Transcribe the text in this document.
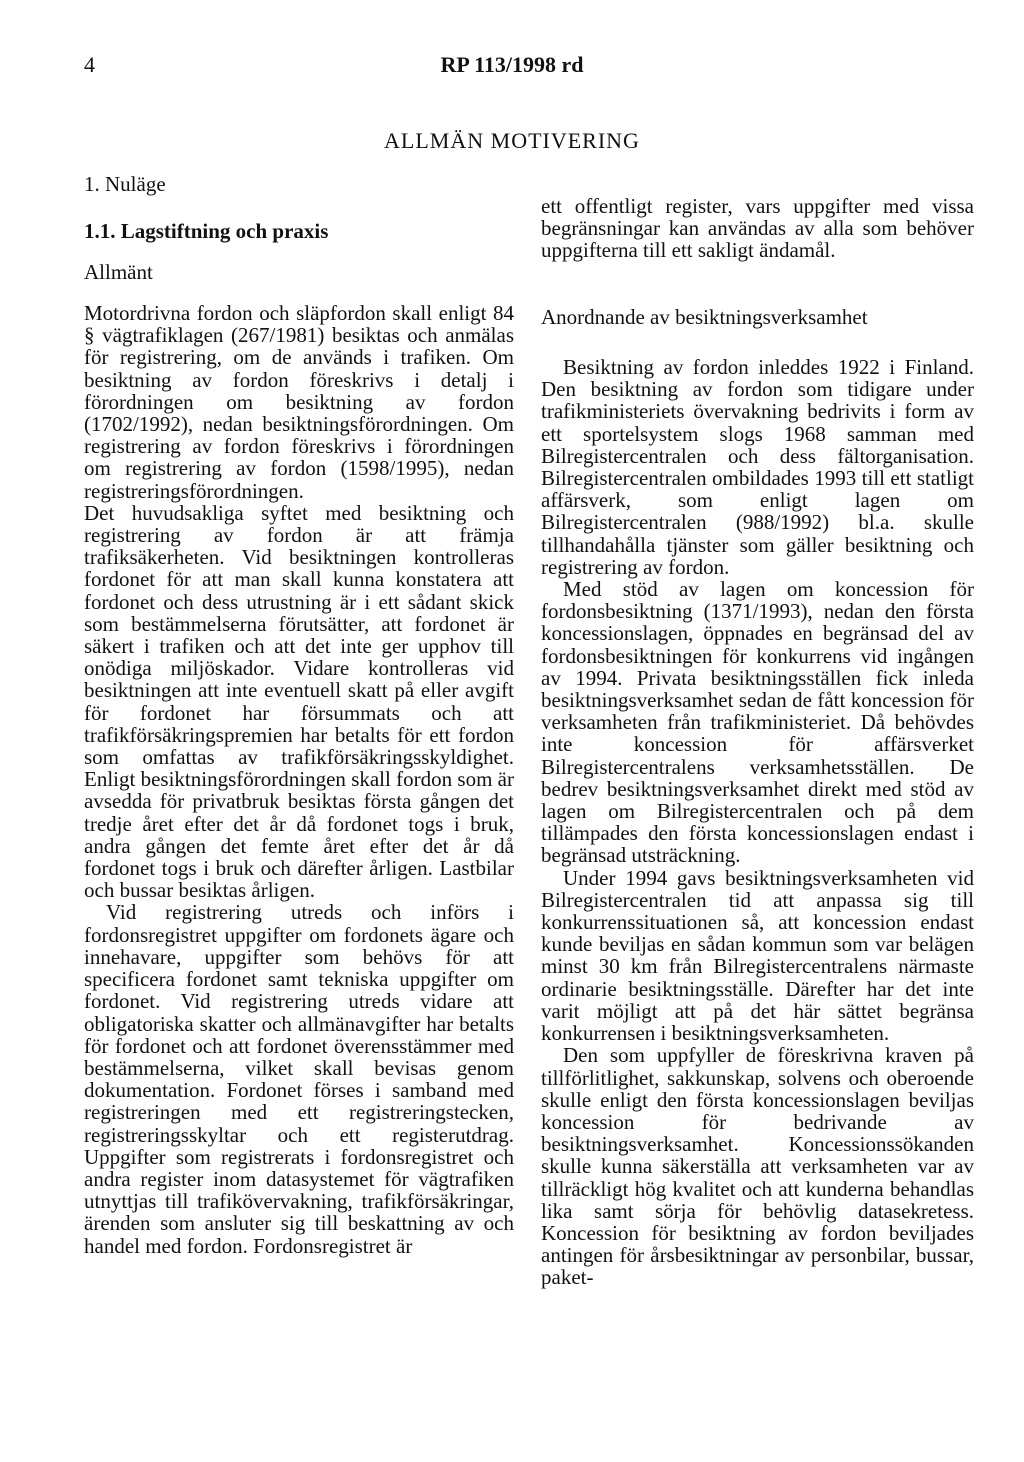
4	RP 113/1998 rd
ALLMÄN MOTIVERING
1. Nuläge
1.1. Lagstiftning och praxis
Allmänt

Motordrivna fordon och släpfordon skall enligt 84 § vägtrafiklagen (267/1981) besiktas och anmälas för registrering, om de används i trafiken. Om besiktning av fordon föreskrivs i detalj i förordningen om besiktning av fordon (1702/1992), nedan besiktningsförordningen. Om registrering av fordon föreskrivs i förordningen om registrering av fordon (1598/1995), nedan registreringsförordningen.

Det huvudsakliga syftet med besiktning och registrering av fordon är att främja trafiksäkerheten. Vid besiktningen kontrolleras fordonet för att man skall kunna konstatera att fordonet och dess utrustning är i ett sådant skick som bestämmelserna förutsätter, att fordonet är säkert i trafiken och att det inte ger upphov till onödiga miljöskador. Vidare kontrolleras vid besiktningen att inte eventuell skatt på eller avgift för fordonet har försummats och att trafikförsäkringspremien har betalts för ett fordon som omfattas av trafikförsäkringsskyldighet. Enligt besiktningsförordningen skall fordon som är avsedda för privatbruk besiktas första gången det tredje året efter det år då fordonet togs i bruk, andra gången det femte året efter det år då fordonet togs i bruk och därefter årligen. Lastbilar och bussar besiktas årligen.

Vid registrering utreds och införs i fordonsregistret uppgifter om fordonets ägare och innehavare, uppgifter som behövs för att specificera fordonet samt tekniska uppgifter om fordonet. Vid registrering utreds vidare att obligatoriska skatter och allmänavgifter har betalts för fordonet och att fordonet överensstämmer med bestämmelserna, vilket skall bevisas genom dokumentation. Fordonet förses i samband med registreringen med ett registreringstecken, registreringsskyltar och ett registerutdrag. Uppgifter som registrerats i fordonsregistret och andra register inom datasystemet för vägtrafiken utnyttjas till trafikövervakning, trafikförsäkringar, ärenden som ansluter sig till beskattning av och handel med fordon. Fordonsregistret är

ett offentligt register, vars uppgifter med vissa begränsningar kan användas av alla som behöver uppgifterna till ett sakligt ändamål.

Anordnande av besiktningsverksamhet

Besiktning av fordon inleddes 1922 i Finland. Den besiktning av fordon som tidigare under trafikministeriets övervakning bedrivits i form av ett sportelsystem slogs 1968 samman med Bilregistercentralen och dess fältorganisation. Bilregistercentralen ombildades 1993 till ett statligt affärsverk, som enligt lagen om Bilregistercentralen (988/1992) bl.a. skulle tillhandahålla tjänster som gäller besiktning och registrering av fordon.

Med stöd av lagen om koncession för fordonsbesiktning (1371/1993), nedan den första koncessionslagen, öppnades en begränsad del av fordonsbesiktningen för konkurrens vid ingången av 1994. Privata besiktningsställen fick inleda besiktningsverksamhet sedan de fått koncession för verksamheten från trafikministeriet. Då behövdes inte koncession för affärsverket Bilregistercentralens verksamhetsställen. De bedrev besiktningsverksamhet direkt med stöd av lagen om Bilregistercentralen och på dem tillämpades den första koncessionslagen endast i begränsad utsträckning.

Under 1994 gavs besiktningsverksamheten vid Bilregistercentralen tid att anpassa sig till konkurrenssituationen så, att koncession endast kunde beviljas en sådan kommun som var belägen minst 30 km från Bilregistercentralens närmaste ordinarie besiktningsställe. Därefter har det inte varit möjligt att på det här sättet begränsa konkurrensen i besiktningsverksamheten.

Den som uppfyller de föreskrivna kraven på tillförlitlighet, sakkunskap, solvens och oberoende skulle enligt den första koncessionslagen beviljas koncession för bedrivande av besiktningsverksamhet. Koncessionssökanden skulle kunna säkerställa att verksamheten var av tillräckligt hög kvalitet och att kunderna behandlas lika samt sörja för behövlig datasekretess. Koncession för besiktning av fordon beviljades antingen för årsbesiktningar av personbilar, bussar, paket-
